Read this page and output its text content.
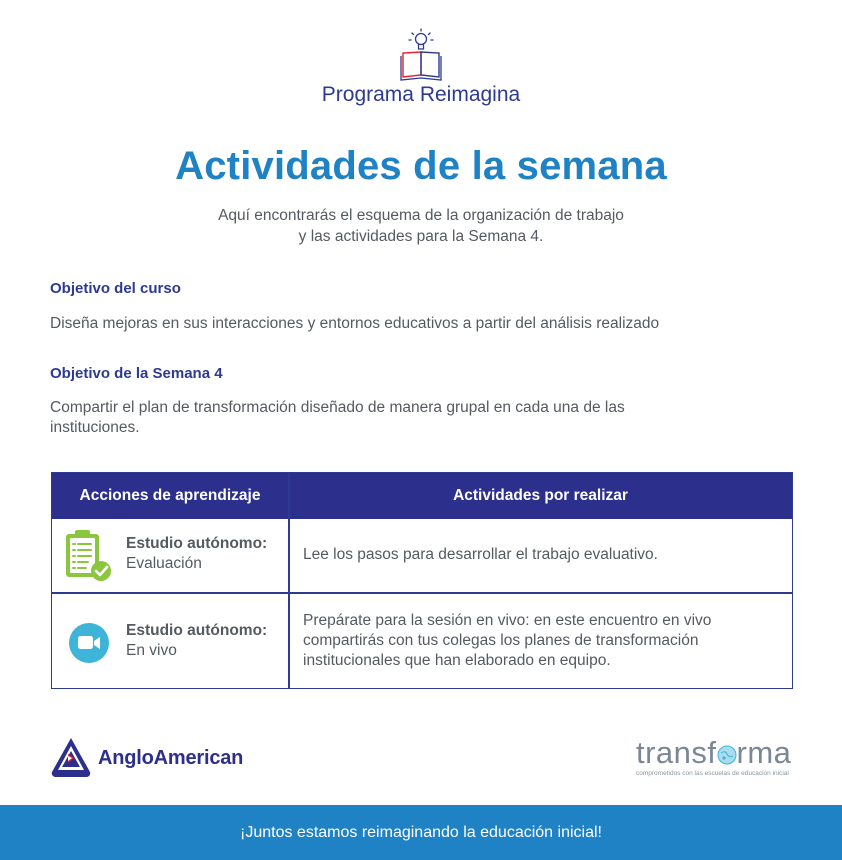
Programa Reimagina
Actividades de la semana
Aquí encontrarás el esquema de la organización de trabajo
y las actividades para la Semana 4.
Objetivo del curso
Diseña mejoras en sus interacciones y entornos educativos a partir del análisis realizado
Objetivo de la Semana 4
Compartir el plan de transformación diseñado de manera grupal en cada una de las
instituciones.
Acciones de aprendizaje	Actividades por realizar
Estudio autónomo:
Evaluación
Lee los pasos para desarrollar el trabajo evaluativo.
Estudio autónomo:
En vivo
Prepárate para la sesión en vivo: en este encuentro en vivo
compartirás con tus colegas los planes de transformación
institucionales que han elaborado en equipo.
AngloAmerican	transf rma
comprometidos con las escuelas de educación inicial
¡Juntos estamos reimaginando la educación inicial!
